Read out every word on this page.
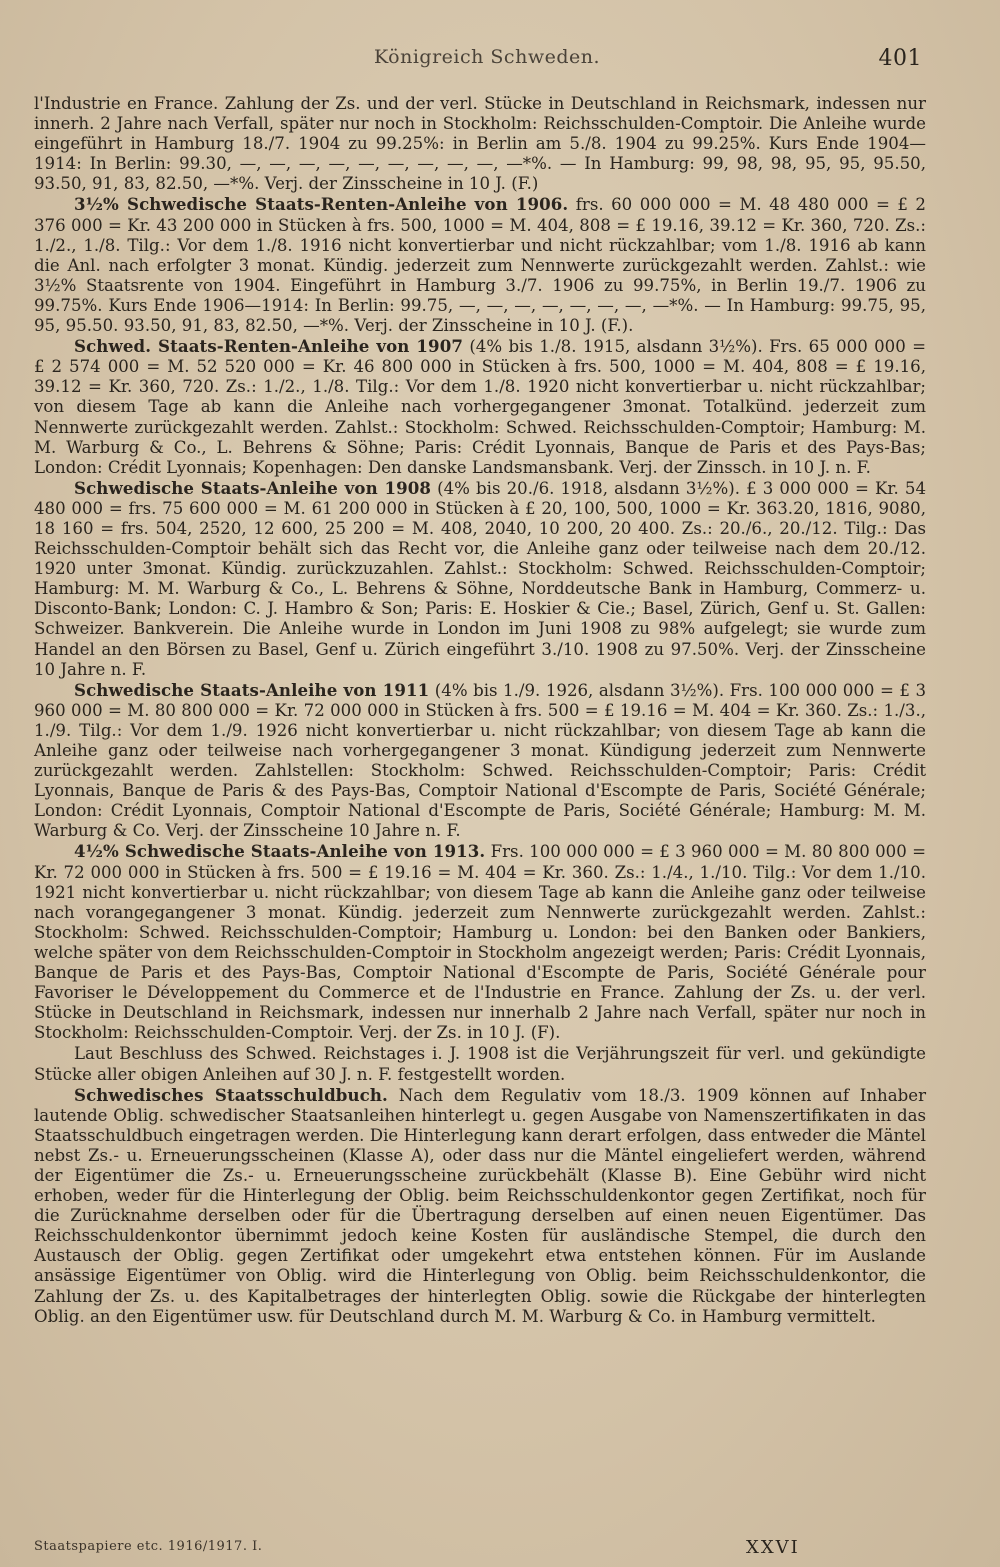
Königreich Schweden.	401

l'Industrie en France. Zahlung der Zs. und der verl. Stücke in Deutschland in Reichsmark, indessen nur innerh. 2 Jahre nach Verfall, später nur noch in Stockholm: Reichsschulden-Comptoir. Die Anleihe wurde eingeführt in Hamburg 18./7. 1904 zu 99.25%: in Berlin am 5./8. 1904 zu 99.25%. Kurs Ende 1904—1914: In Berlin: 99.30, —, —, —, —, —, —, —, —, —, —*%. — In Hamburg: 99, 98, 98, 95, 95, 95.50, 93.50, 91, 83, 82.50, —*%. Verj. der Zinsscheine in 10 J. (F.)

3½% Schwedische Staats-Renten-Anleihe von 1906. frs. 60 000 000 = M. 48 480 000 = £ 2 376 000 = Kr. 43 200 000 in Stücken à frs. 500, 1000 = M. 404, 808 = £ 19.16, 39.12 = Kr. 360, 720. Zs.: 1./2., 1./8. Tilg.: Vor dem 1./8. 1916 nicht konvertierbar und nicht rückzahlbar; vom 1./8. 1916 ab kann die Anl. nach erfolgter 3 monat. Kündig. jederzeit zum Nennwerte zurückgezahlt werden. Zahlst.: wie 3½% Staatsrente von 1904. Eingeführt in Hamburg 3./7. 1906 zu 99.75%, in Berlin 19./7. 1906 zu 99.75%. Kurs Ende 1906—1914: In Berlin: 99.75, —, —, —, —, —, —, —, —*%. — In Hamburg: 99.75, 95, 95, 95.50. 93.50, 91, 83, 82.50, —*%. Verj. der Zinsscheine in 10 J. (F.).

Schwed. Staats-Renten-Anleihe von 1907 (4% bis 1./8. 1915, alsdann 3½%). Frs. 65 000 000 = £ 2 574 000 = M. 52 520 000 = Kr. 46 800 000 in Stücken à frs. 500, 1000 = M. 404, 808 = £ 19.16, 39.12 = Kr. 360, 720. Zs.: 1./2., 1./8. Tilg.: Vor dem 1./8. 1920 nicht konvertierbar u. nicht rückzahlbar; von diesem Tage ab kann die Anleihe nach vorhergegangener 3monat. Totalkünd. jederzeit zum Nennwerte zurückgezahlt werden. Zahlst.: Stockholm: Schwed. Reichsschulden-Comptoir; Hamburg: M. M. Warburg & Co., L. Behrens & Söhne; Paris: Crédit Lyonnais, Banque de Paris et des Pays-Bas; London: Crédit Lyonnais; Kopenhagen: Den danske Landsmansbank. Verj. der Zinssch. in 10 J. n. F.

Schwedische Staats-Anleihe von 1908 (4% bis 20./6. 1918, alsdann 3½%). £ 3 000 000 = Kr. 54 480 000 = frs. 75 600 000 = M. 61 200 000 in Stücken à £ 20, 100, 500, 1000 = Kr. 363.20, 1816, 9080, 18 160 = frs. 504, 2520, 12 600, 25 200 = M. 408, 2040, 10 200, 20 400. Zs.: 20./6., 20./12. Tilg.: Das Reichsschulden-Comptoir behält sich das Recht vor, die Anleihe ganz oder teilweise nach dem 20./12. 1920 unter 3monat. Kündig. zurückzuzahlen. Zahlst.: Stockholm: Schwed. Reichsschulden-Comptoir; Hamburg: M. M. Warburg & Co., L. Behrens & Söhne, Norddeutsche Bank in Hamburg, Commerz- u. Disconto-Bank; London: C. J. Hambro & Son; Paris: E. Hoskier & Cie.; Basel, Zürich, Genf u. St. Gallen: Schweizer. Bankverein. Die Anleihe wurde in London im Juni 1908 zu 98% aufgelegt; sie wurde zum Handel an den Börsen zu Basel, Genf u. Zürich eingeführt 3./10. 1908 zu 97.50%. Verj. der Zinsscheine 10 Jahre n. F.

Schwedische Staats-Anleihe von 1911 (4% bis 1./9. 1926, alsdann 3½%). Frs. 100 000 000 = £ 3 960 000 = M. 80 800 000 = Kr. 72 000 000 in Stücken à frs. 500 = £ 19.16 = M. 404 = Kr. 360. Zs.: 1./3., 1./9. Tilg.: Vor dem 1./9. 1926 nicht konvertierbar u. nicht rückzahlbar; von diesem Tage ab kann die Anleihe ganz oder teilweise nach vorhergegangener 3 monat. Kündigung jederzeit zum Nennwerte zurückgezahlt werden. Zahlstellen: Stockholm: Schwed. Reichsschulden-Comptoir; Paris: Crédit Lyonnais, Banque de Paris & des Pays-Bas, Comptoir National d'Escompte de Paris, Société Générale; London: Crédit Lyonnais, Comptoir National d'Escompte de Paris, Société Générale; Hamburg: M. M. Warburg & Co. Verj. der Zinsscheine 10 Jahre n. F.

4½% Schwedische Staats-Anleihe von 1913. Frs. 100 000 000 = £ 3 960 000 = M. 80 800 000 = Kr. 72 000 000 in Stücken à frs. 500 = £ 19.16 = M. 404 = Kr. 360. Zs.: 1./4., 1./10. Tilg.: Vor dem 1./10. 1921 nicht konvertierbar u. nicht rückzahlbar; von diesem Tage ab kann die Anleihe ganz oder teilweise nach vorangegangener 3 monat. Kündig. jederzeit zum Nennwerte zurückgezahlt werden. Zahlst.: Stockholm: Schwed. Reichsschulden-Comptoir; Hamburg u. London: bei den Banken oder Bankiers, welche später von dem Reichsschulden-Comptoir in Stockholm angezeigt werden; Paris: Crédit Lyonnais, Banque de Paris et des Pays-Bas, Comptoir National d'Escompte de Paris, Société Générale pour Favoriser le Développement du Commerce et de l'Industrie en France. Zahlung der Zs. u. der verl. Stücke in Deutschland in Reichsmark, indessen nur innerhalb 2 Jahre nach Verfall, später nur noch in Stockholm: Reichsschulden-Comptoir. Verj. der Zs. in 10 J. (F).

Laut Beschluss des Schwed. Reichstages i. J. 1908 ist die Verjährungszeit für verl. und gekündigte Stücke aller obigen Anleihen auf 30 J. n. F. festgestellt worden.

Schwedisches Staatsschuldbuch. Nach dem Regulativ vom 18./3. 1909 können auf Inhaber lautende Oblig. schwedischer Staatsanleihen hinterlegt u. gegen Ausgabe von Namenszertifikaten in das Staatsschuldbuch eingetragen werden. Die Hinterlegung kann derart erfolgen, dass entweder die Mäntel nebst Zs.- u. Erneuerungsscheinen (Klasse A), oder dass nur die Mäntel eingeliefert werden, während der Eigentümer die Zs.- u. Erneuerungsscheine zurückbehält (Klasse B). Eine Gebühr wird nicht erhoben, weder für die Hinterlegung der Oblig. beim Reichsschuldenkontor gegen Zertifikat, noch für die Zurücknahme derselben oder für die Übertragung derselben auf einen neuen Eigentümer. Das Reichsschuldenkontor übernimmt jedoch keine Kosten für ausländische Stempel, die durch den Austausch der Oblig. gegen Zertifikat oder umgekehrt etwa entstehen können. Für im Auslande ansässige Eigentümer von Oblig. wird die Hinterlegung von Oblig. beim Reichsschuldenkontor, die Zahlung der Zs. u. des Kapitalbetrages der hinterlegten Oblig. sowie die Rückgabe der hinterlegten Oblig. an den Eigentümer usw. für Deutschland durch M. M. Warburg & Co. in Hamburg vermittelt.

Staatspapiere etc. 1916/1917. I.	XXVI
